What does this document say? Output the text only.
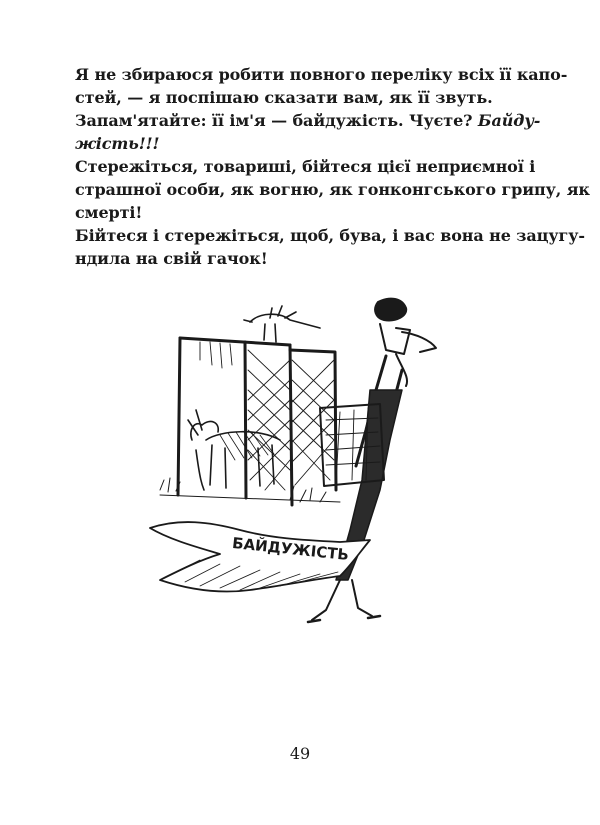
Я не збираюся робити повного переліку всіх її капо-
стей, — я поспішаю сказати вам, як її звуть.

Запам'ятайте: її ім'я — байдужість. Чуєте? Байду-
жість!!!

Стережіться, товариші, бійтеся цієї неприємної і
страшної особи, як вогню, як гонконгського грипу, як
смерті!

Бійтеся і стережіться, щоб, бува, і вас вона не зацугу-
ндила на свій гачок!

БАЙДУЖІСТЬ
49
